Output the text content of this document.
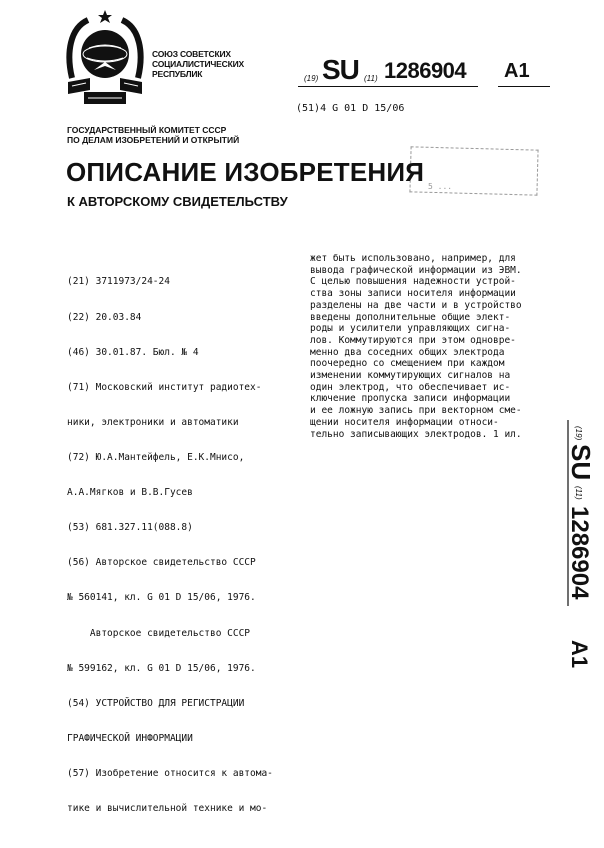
СОЮЗ СОВЕТСКИХ
СОЦИАЛИСТИЧЕСКИХ
РЕСПУБЛИК	(19) SU (11) 1286904 A1
(51)4 G 01 D 15/06
ГОСУДАРСТВЕННЫЙ КОМИТЕТ СССР
ПО ДЕЛАМ ИЗОБРЕТЕНИЙ И ОТКРЫТИЙ
5 ...
ОПИСАНИЕ ИЗОБРЕТЕНИЯ
К АВТОРСКОМУ СВИДЕТЕЛЬСТВУ

(21) 3711973/24-24

(22) 20.03.84

(46) 30.01.87. Бюл. № 4

(71) Московский институт радиотех-

ники, электроники и автоматики

(72) Ю.А.Мантейфель, Е.К.Мнисо,

А.А.Мягков и В.В.Гусев

(53) 681.327.11(088.8)

(56) Авторское свидетельство СССР

№ 560141, кл. G 01 D 15/06, 1976.

Авторское свидетельство СССР

№ 599162, кл. G 01 D 15/06, 1976.

(54) УСТРОЙСТВО ДЛЯ РЕГИСТРАЦИИ

ГРАФИЧЕСКОЙ ИНФОРМАЦИИ

(57) Изобретение относится к автома-

тике и вычислительной технике и мо-

жет быть использовано, например, для
вывода графической информации из ЭВМ.
С целью повышения надежности устрой-
ства зоны записи носителя информации
разделены на две части и в устройство
введены дополнительные общие элект-
роды и усилители управляющих сигна-
лов. Коммутируются при этом одновре-
менно два соседних общих электрода
поочередно со смещением при каждом
изменении коммутирующих сигналов на
один электрод, что обеспечивает ис-
ключение пропуска записи информации
и ее ложную запись при векторном сме-
щении носителя информации относи-
тельно записывающих электродов. 1 ил.	(19)
SU
(11)
1286904
A1
